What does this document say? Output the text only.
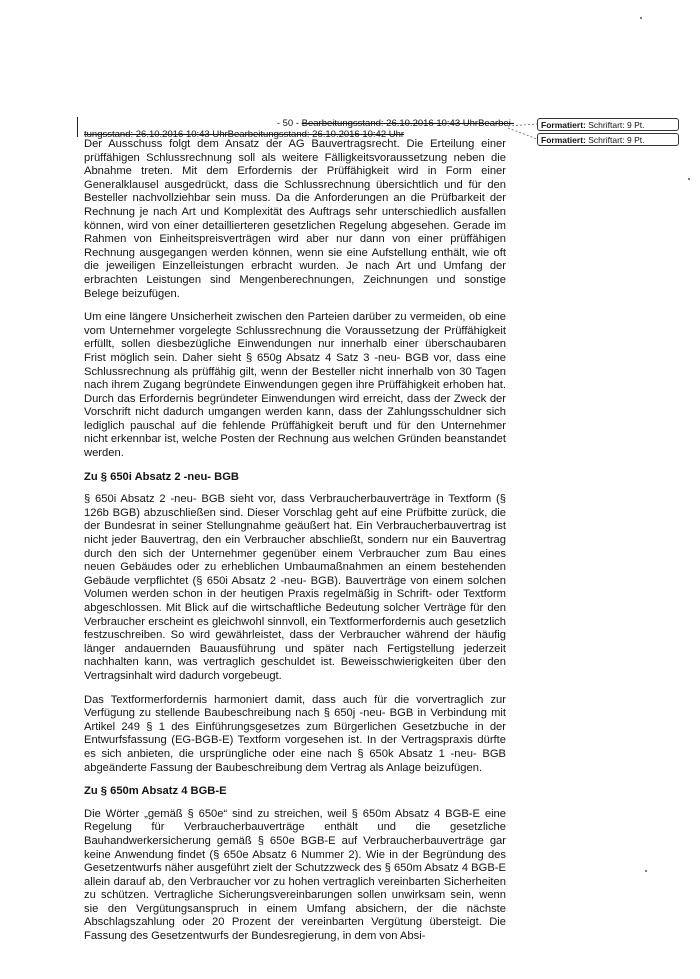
- 50 - Bearbeitungsstand: 26.10.2016 10:43 UhrBearbei-
tungsstand: 26.10.2016 10:43 UhrBearbeitungsstand: 26.10.2016 10:42 Uhr
Formatiert: Schriftart: 9 Pt.
Formatiert: Schriftart: 9 Pt.

Der Ausschuss folgt dem Ansatz der AG Bauvertragsrecht. Die Erteilung einer prüffähigen Schlussrechnung soll als weitere Fälligkeitsvoraussetzung neben die Abnahme treten. Mit dem Erfordernis der Prüffähigkeit wird in Form einer Generalklausel ausgedrückt, dass die Schlussrechnung übersichtlich und für den Besteller nachvollziehbar sein muss. Da die Anforderungen an die Prüfbarkeit der Rechnung je nach Art und Komplexität des Auftrags sehr unterschiedlich ausfallen können, wird von einer detaillierteren gesetzlichen Regelung abgesehen. Gerade im Rahmen von Einheitspreisverträgen wird aber nur dann von einer prüffähigen Rechnung ausgegangen werden können, wenn sie eine Aufstellung enthält, wie oft die jeweiligen Einzelleistungen erbracht wurden. Je nach Art und Umfang der erbrachten Leistungen sind Mengenberechnungen, Zeichnungen und sonstige Belege beizufügen.

Um eine längere Unsicherheit zwischen den Parteien darüber zu vermeiden, ob eine vom Unternehmer vorgelegte Schlussrechnung die Voraussetzung der Prüffähigkeit erfüllt, sollen diesbezügliche Einwendungen nur innerhalb einer überschaubaren Frist möglich sein. Daher sieht § 650g Absatz 4 Satz 3 -neu- BGB vor, dass eine Schlussrechnung als prüffähig gilt, wenn der Besteller nicht innerhalb von 30 Tagen nach ihrem Zugang begründete Einwendungen gegen ihre Prüffähigkeit erhoben hat. Durch das Erfordernis begründeter Einwendungen wird erreicht, dass der Zweck der Vorschrift nicht dadurch umgangen werden kann, dass der Zahlungsschuldner sich lediglich pauschal auf die fehlende Prüffähigkeit beruft und für den Unternehmer nicht erkennbar ist, welche Posten der Rechnung aus welchen Gründen beanstandet werden.

Zu § 650i Absatz 2 -neu- BGB

§ 650i Absatz 2 -neu- BGB sieht vor, dass Verbraucherbauverträge in Textform (§ 126b BGB) abzuschließen sind. Dieser Vorschlag geht auf eine Prüfbitte zurück, die der Bundesrat in seiner Stellungnahme geäußert hat. Ein Verbraucherbauvertrag ist nicht jeder Bauvertrag, den ein Verbraucher abschließt, sondern nur ein Bauvertrag durch den sich der Unternehmer gegenüber einem Verbraucher zum Bau eines neuen Gebäudes oder zu erheblichen Umbaumaßnahmen an einem bestehenden Gebäude verpflichtet (§ 650i Absatz 2 -neu- BGB). Bauverträge von einem solchen Volumen werden schon in der heutigen Praxis regelmäßig in Schrift- oder Textform abgeschlossen. Mit Blick auf die wirtschaftliche Bedeutung solcher Verträge für den Verbraucher erscheint es gleichwohl sinnvoll, ein Textformerfordernis auch gesetzlich festzuschreiben. So wird gewährleistet, dass der Verbraucher während der häufig länger andauernden Bauausführung und später nach Fertigstellung jederzeit nachhalten kann, was vertraglich geschuldet ist. Beweisschwierigkeiten über den Vertragsinhalt wird dadurch vorgebeugt.

Das Textformerfordernis harmoniert damit, dass auch für die vorvertraglich zur Verfügung zu stellende Baubeschreibung nach § 650j -neu- BGB in Verbindung mit Artikel 249 § 1 des Einführungsgesetzes zum Bürgerlichen Gesetzbuche in der Entwurfsfassung (EG-BGB-E) Textform vorgesehen ist. In der Vertragspraxis dürfte es sich anbieten, die ursprüngliche oder eine nach § 650k Absatz 1 -neu- BGB abgeänderte Fassung der Baubeschreibung dem Vertrag als Anlage beizufügen.

Zu § 650m Absatz 4 BGB-E

Die Wörter „gemäß § 650e“ sind zu streichen, weil § 650m Absatz 4 BGB-E eine Regelung für Verbraucherbauverträge enthält und die gesetzliche Bauhandwerkersicherung gemäß § 650e BGB-E auf Verbraucherbauverträge gar keine Anwendung findet (§ 650e Absatz 6 Nummer 2). Wie in der Begründung des Gesetzentwurfs näher ausgeführt zielt der Schutzzweck des § 650m Absatz 4 BGB-E allein darauf ab, den Verbraucher vor zu hohen vertraglich vereinbarten Sicherheiten zu schützen. Vertragliche Sicherungsvereinbarungen sollen unwirksam sein, wenn sie den Vergütungsanspruch in einem Umfang absichern, der die nächste Abschlagszahlung oder 20 Prozent der vereinbarten Vergütung übersteigt. Die Fassung des Gesetzentwurfs der Bundesregierung, in dem von Absi-
